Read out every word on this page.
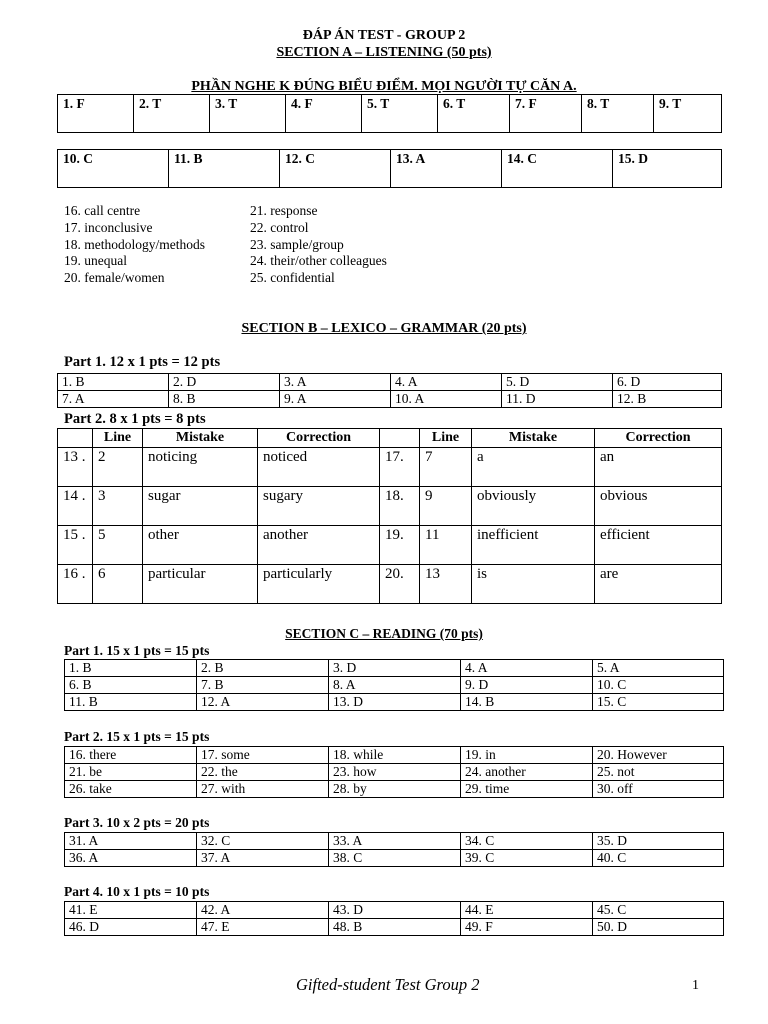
ĐÁP ÁN TEST - GROUP 2
SECTION A – LISTENING (50 pts)
PHẦN NGHE K ĐÚNG BIỂU ĐIỂM. MỌI NGƯỜI TỰ CĂN A.
1. F	2. T	3. T	4. F	5. T	6. T	7. F	8. T	9. T
10. C	11. B	12. C	13. A	14. C	15. D
16. call centre
17. inconclusive
18. methodology/methods
19. unequal
20. female/women
21. response
22. control
23. sample/group
24. their/other colleagues
25. confidential
SECTION B – LEXICO – GRAMMAR (20 pts)
Part 1. 12 x 1 pts = 12 pts
1. B	2. D	3. A	4. A	5. D	6. D
7. A	8. B	9. A	10. A	11. D	12. B
Part 2. 8 x 1 pts = 8 pts
	Line	Mistake	Correction		Line	Mistake	Correction
13 .	2	noticing	noticed	17.	7	a	an
14 .	3	sugar	sugary	18.	9	obviously	obvious
15 .	5	other	another	19.	11	inefficient	efficient
16 .	6	particular	particularly	20.	13	is	are
SECTION C – READING (70 pts)
Part 1. 15 x 1 pts = 15 pts
1. B	2. B	3. D	4. A	5. A
6. B	7. B	8. A	9. D	10. C
11. B	12. A	13. D	14. B	15. C
Part 2. 15 x 1 pts = 15 pts
16. there	17. some	18. while	19. in	20. However
21. be	22. the	23. how	24. another	25. not
26. take	27. with	28. by	29. time	30. off
Part 3. 10 x 2 pts = 20 pts
31. A	32. C	33. A	34. C	35. D
36. A	37. A	38. C	39. C	40. C
Part 4. 10 x 1 pts = 10 pts
41. E	42. A	43. D	44. E	45. C
46. D	47. E	48. B	49. F	50. D
Gifted-student Test Group 2	1
